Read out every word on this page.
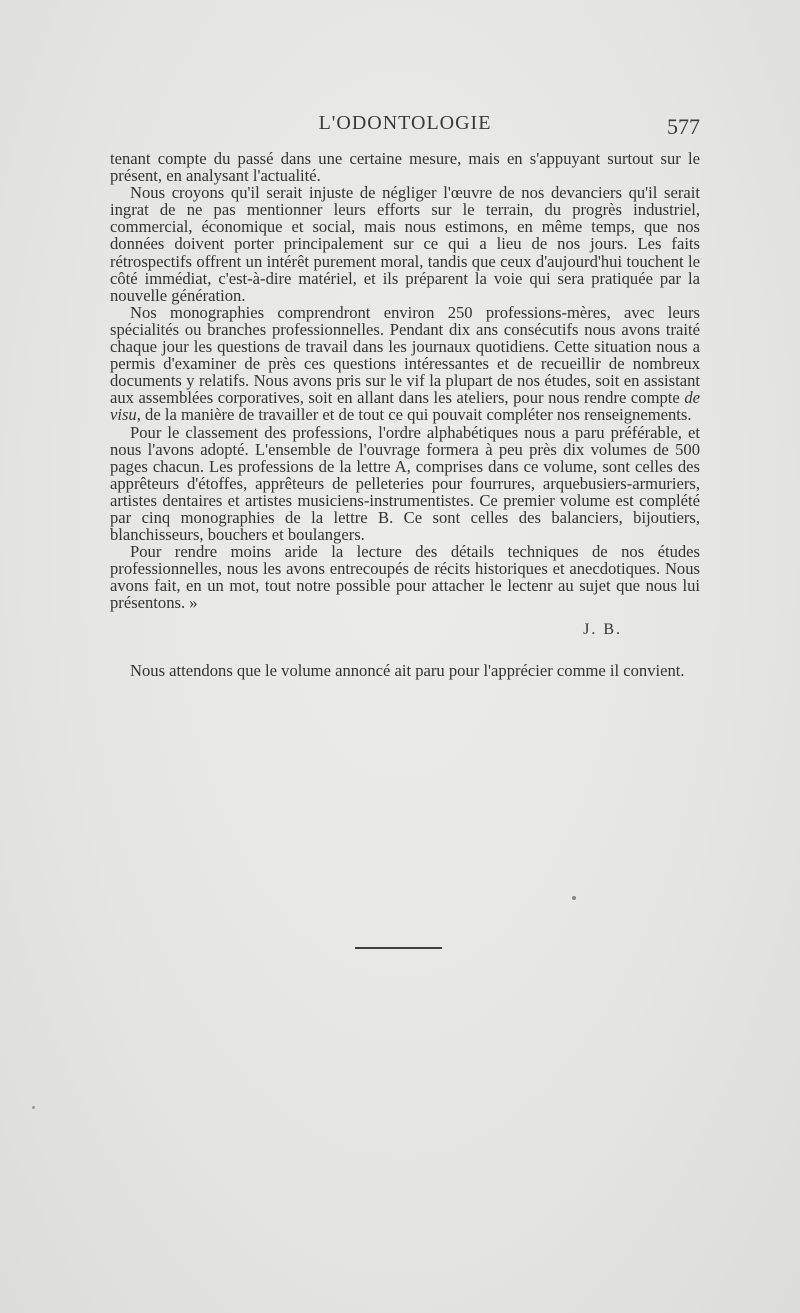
L'ODONTOLOGIE	577

tenant compte du passé dans une certaine mesure, mais en s'appuyant surtout sur le présent, en analysant l'actualité.

Nous croyons qu'il serait injuste de négliger l'œuvre de nos devanciers qu'il serait ingrat de ne pas mentionner leurs efforts sur le terrain, du progrès industriel, commercial, économique et social, mais nous estimons, en même temps, que nos données doivent porter principalement sur ce qui a lieu de nos jours. Les faits rétrospectifs offrent un intérêt purement moral, tandis que ceux d'aujourd'hui touchent le côté immédiat, c'est-à-dire matériel, et ils préparent la voie qui sera pratiquée par la nouvelle génération.

Nos monographies comprendront environ 250 professions-mères, avec leurs spécialités ou branches professionnelles. Pendant dix ans consécutifs nous avons traité chaque jour les questions de travail dans les journaux quotidiens. Cette situation nous a permis d'examiner de près ces questions intéressantes et de recueillir de nombreux documents y relatifs. Nous avons pris sur le vif la plupart de nos études, soit en assistant aux assemblées corporatives, soit en allant dans les ateliers, pour nous rendre compte de visu, de la manière de travailler et de tout ce qui pouvait compléter nos renseignements.

Pour le classement des professions, l'ordre alphabétiques nous a paru préférable, et nous l'avons adopté. L'ensemble de l'ouvrage formera à peu près dix volumes de 500 pages chacun. Les professions de la lettre A, comprises dans ce volume, sont celles des apprêteurs d'étoffes, apprêteurs de pelleteries pour fourrures, arquebusiers-armuriers, artistes dentaires et artistes musiciens-instrumentistes. Ce premier volume est complété par cinq monographies de la lettre B. Ce sont celles des balanciers, bijoutiers, blanchisseurs, bouchers et boulangers.

Pour rendre moins aride la lecture des détails techniques de nos études professionnelles, nous les avons entrecoupés de récits historiques et anecdotiques. Nous avons fait, en un mot, tout notre possible pour attacher le lectenr au sujet que nous lui présentons. »

J. B.

Nous attendons que le volume annoncé ait paru pour l'apprécier comme il convient.
